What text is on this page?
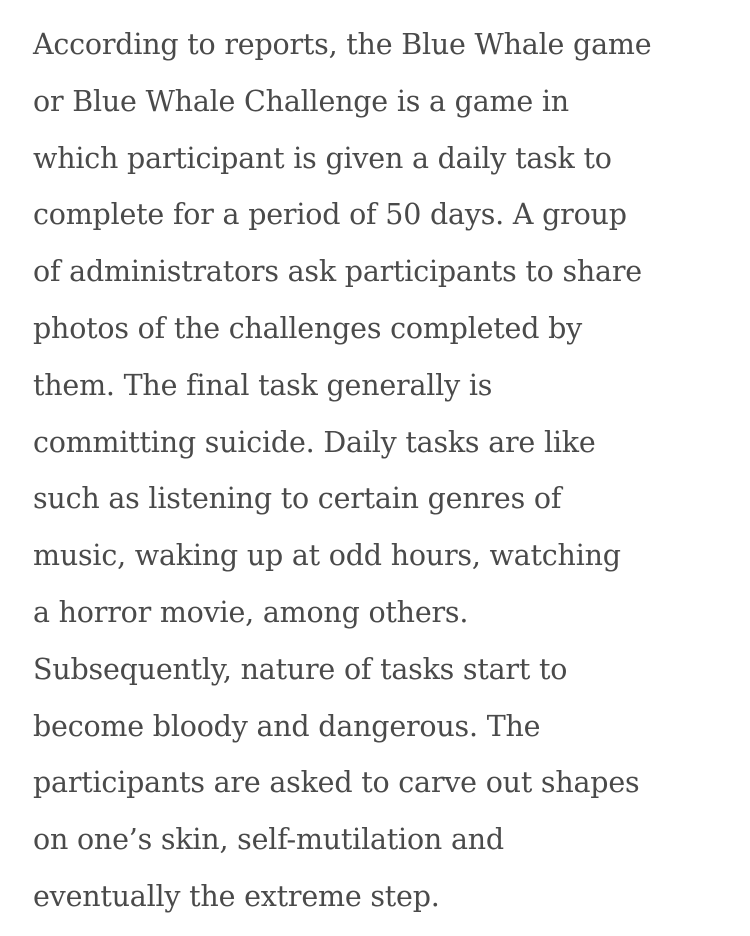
According to reports, the Blue Whale game
or Blue Whale Challenge is a game in
which participant is given a daily task to
complete for a period of 50 days. A group
of administrators ask participants to share
photos of the challenges completed by
them. The final task generally is
committing suicide. Daily tasks are like
such as listening to certain genres of
music, waking up at odd hours, watching
a horror movie, among others.
Subsequently, nature of tasks start to
become bloody and dangerous. The
participants are asked to carve out shapes
on one’s skin, self-mutilation and
eventually the extreme step.
